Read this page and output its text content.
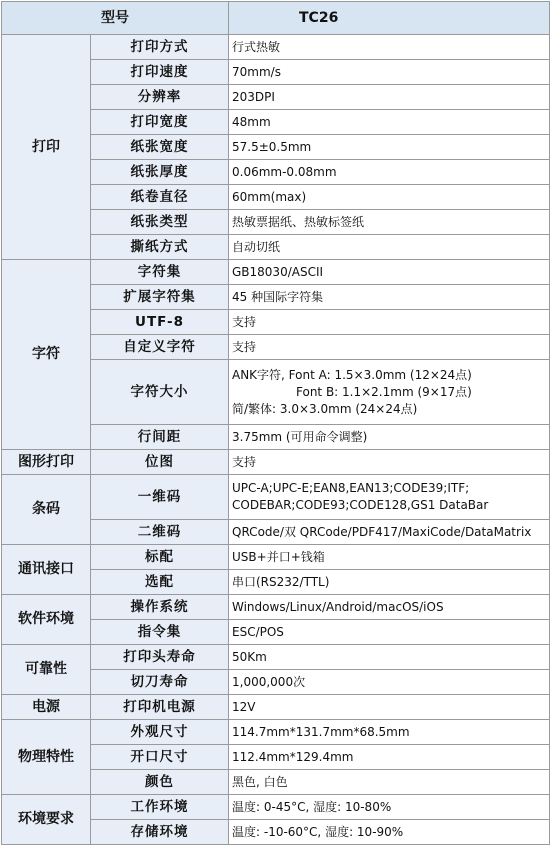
型号		TC26
打印	打印方式	行式热敏
	打印速度	70mm/s
	分辨率	203DPI
	打印宽度	48mm
	纸张宽度	57.5±0.5mm
	纸张厚度	0.06mm-0.08mm
	纸卷直径	60mm(max)
	纸张类型	热敏票据纸、热敏标签纸
	撕纸方式	自动切纸
字符	字符集	GB18030/ASCII
	扩展字符集	45 种国际字符集
	UTF-8	支持
	自定义字符	支持
	字符大小	ANK字符, Font A: 1.5×3.0mm (12×24点)
Font B: 1.1×2.1mm (9×17点)
简/繁体: 3.0×3.0mm (24×24点)

	行间距	3.75mm (可用命令调整)
图形打印	位图	支持
条码	一维码	UPC-A;UPC-E;EAN8,EAN13;CODE39;ITF;
CODEBAR;CODE93;CODE128,GS1 DataBar

	二维码	QRCode/双 QRCode/PDF417/MaxiCode/DataMatrix
通讯接口	标配	USB+并口+钱箱
	选配	串口(RS232/TTL)
软件环境	操作系统	Windows/Linux/Android/macOS/iOS
	指令集	ESC/POS
可靠性	打印头寿命	50Km
	切刀寿命	1,000,000次
电源	打印机电源	12V
物理特性	外观尺寸	114.7mm*131.7mm*68.5mm
	开口尺寸	112.4mm*129.4mm
	颜色	黑色, 白色
环境要求	工作环境	温度: 0-45°C, 湿度: 10-80%
	存储环境	温度: -10-60°C, 湿度: 10-90%
